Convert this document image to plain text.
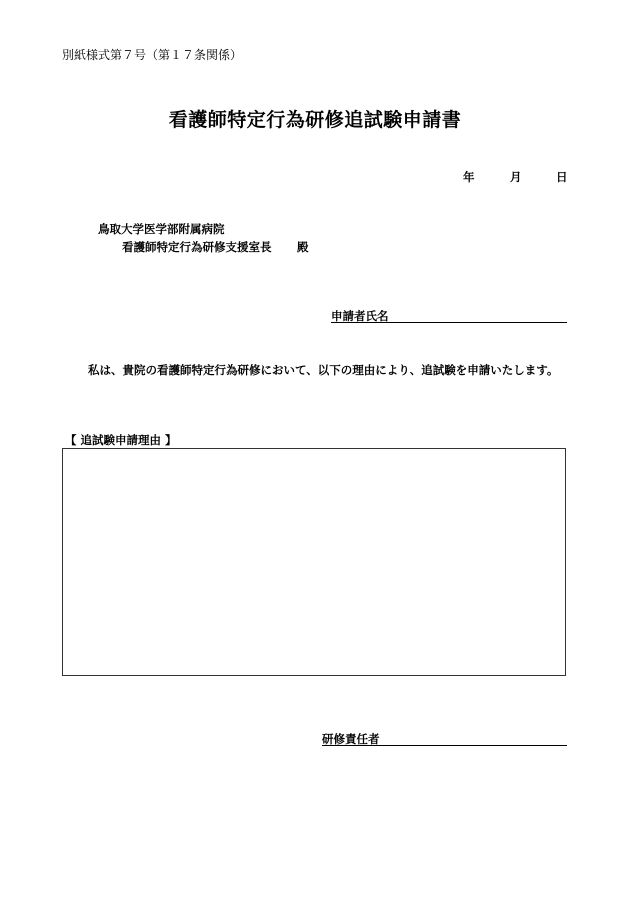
別紙様式第７号（第１７条関係）
看護師特定行為研修追試験申請書
年	月	日
鳥取大学医学部附属病院
看護師特定行為研修支援室長 殿
申請者氏名
私は、貴院の看護師特定行為研修において、以下の理由により、追試験を申請いたします。
【 追試験申請理由 】
研修責任者
